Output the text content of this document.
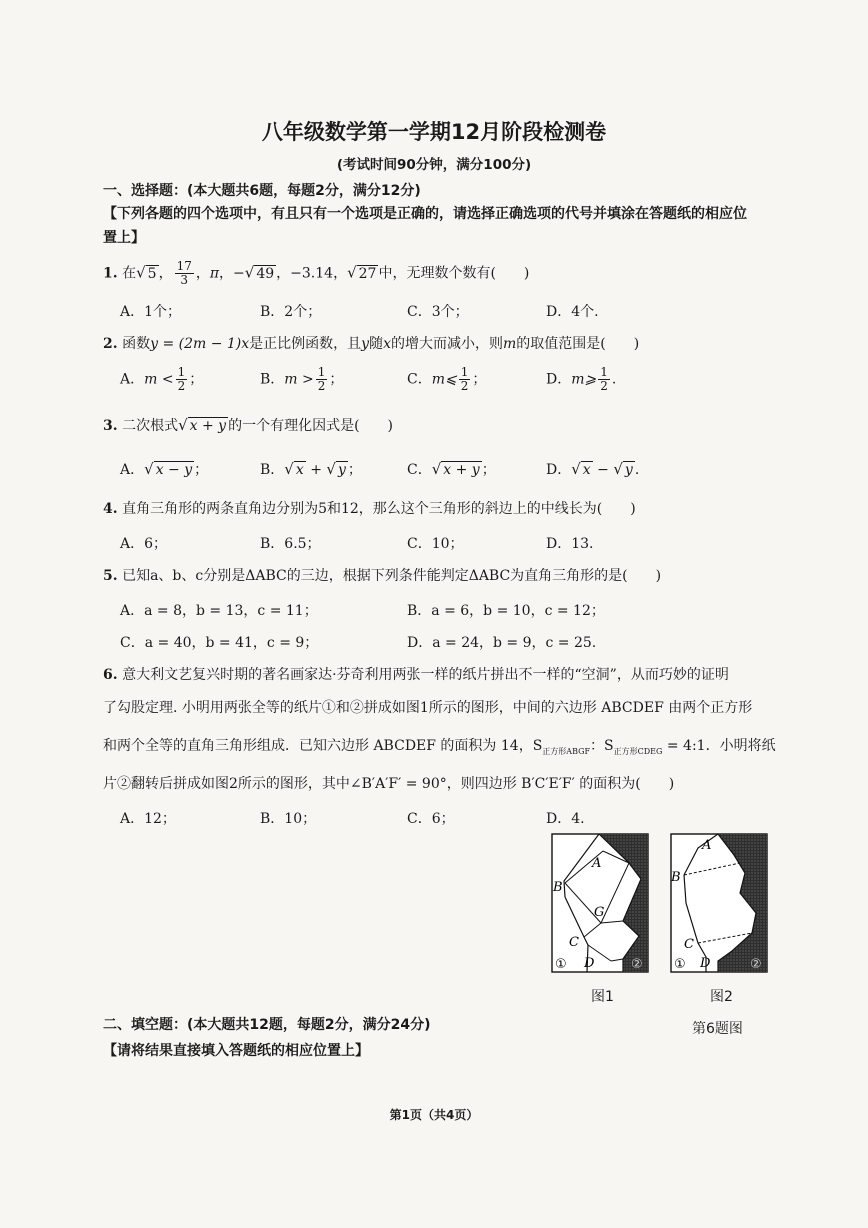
八年级数学第一学期12月阶段检测卷
(考试时间90分钟，满分100分)
一、选择题：(本大题共6题，每题2分，满分12分)
【下列各题的四个选项中，有且只有一个选项是正确的，请选择正确选项的代号并填涂在答题纸的相应位
置上】
1. 在√ 5 ， $\frac{17}{3}$ ，π，−√ 49 ，−3.14，√ 27 中，无理数个数有(　　)
A．1个；	B．2个；	C．3个；	D．4个.
2. 函数y = (2m − 1)x是正比例函数，且y随x的增大而减小，则m的取值范围是(　　)
A．$m < \frac{1}{2}$ ；	B．$m > \frac{1}{2}$ ；	C．m⩽ $\frac{1}{2}$ ；	D．m⩾ $\frac{1}{2}$ .
3. 二次根式√ x + y 的一个有理化因式是(　　)
A．√ x − y ；	B．√ x + √ y ；	C．√ x + y ；	D．√ x − √ y .
4. 直角三角形的两条直角边分别为5和12，那么这个三角形的斜边上的中线长为(　　)
A．6；	B．6.5；	C．10；	D．13.
5. 已知a、b、c分别是ΔABC的三边，根据下列条件能判定ΔABC为直角三角形的是(　　)
A．a = 8，b = 13，c = 11；	B．a = 6，b = 10，c = 12；
C．a = 40，b = 41，c = 9；	D．a = 24，b = 9，c = 25.
6. 意大利文艺复兴时期的著名画家达·芬奇利用两张一样的纸片拼出不一样的“空洞”，从而巧妙的证明
了勾股定理. 小明用两张全等的纸片①和②拼成如图1所示的图形，中间的六边形 ABCDEF 由两个正方形
和两个全等的直角三角形组成．已知六边形 ABCDEF 的面积为 14，$S_{正方形ABGF}$：$S_{正方形CDEG}$ = 4:1．小明将纸
片②翻转后拼成如图2所示的图形，其中∠B′A′F′ = 90°，则四边形 B′C′E′F′ 的面积为(　　)
A．12；	B．10；	C．6；	D．4.
A
B
G
C
D
①	②
A
B
C
D
①	②
图1	图2
第6题图
二、填空题：(本大题共12题，每题2分，满分24分)
【请将结果直接填入答题纸的相应位置上】
第1页（共4页）
